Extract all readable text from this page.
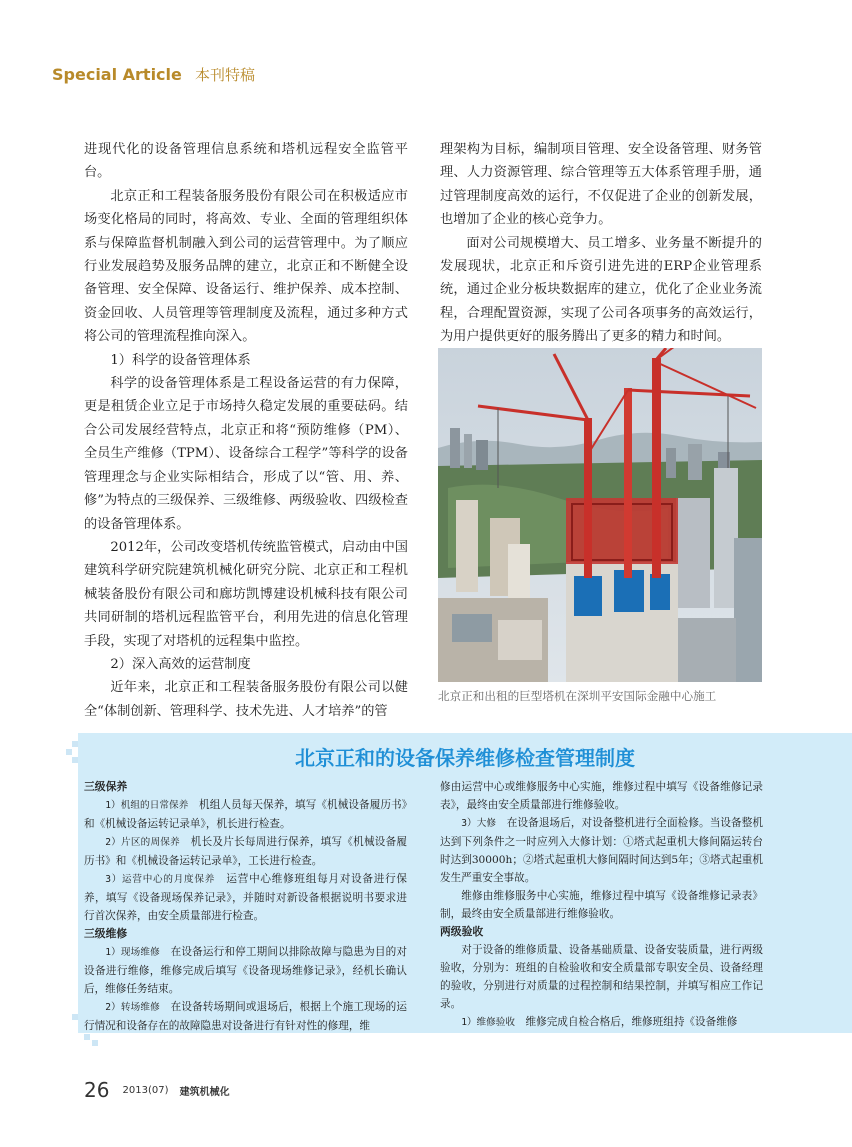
Special Article 本刊特稿

进现代化的设备管理信息系统和塔机远程安全监管平台。

北京正和工程装备服务股份有限公司在积极适应市场变化格局的同时，将高效、专业、全面的管理组织体系与保障监督机制融入到公司的运营管理中。为了顺应行业发展趋势及服务品牌的建立，北京正和不断健全设备管理、安全保障、设备运行、维护保养、成本控制、资金回收、人员管理等管理制度及流程，通过多种方式将公司的管理流程推向深入。

1）科学的设备管理体系

科学的设备管理体系是工程设备运营的有力保障，更是租赁企业立足于市场持久稳定发展的重要砝码。结合公司发展经营特点，北京正和将“预防维修（PM）、全员生产维修（TPM）、设备综合工程学”等科学的设备管理理念与企业实际相结合，形成了以“管、用、养、修”为特点的三级保养、三级维修、两级验收、四级检查的设备管理体系。

2012年，公司改变塔机传统监管模式，启动由中国建筑科学研究院建筑机械化研究分院、北京正和工程机械装备股份有限公司和廊坊凯博建设机械科技有限公司共同研制的塔机远程监管平台，利用先进的信息化管理手段，实现了对塔机的远程集中监控。

2）深入高效的运营制度

近年来，北京正和工程装备服务股份有限公司以健全“体制创新、管理科学、技术先进、人才培养”的管

理架构为目标，编制项目管理、安全设备管理、财务管理、人力资源管理、综合管理等五大体系管理手册，通过管理制度高效的运行，不仅促进了企业的创新发展，也增加了企业的核心竞争力。

面对公司规模增大、员工增多、业务量不断提升的发展现状，北京正和斥资引进先进的ERP企业管理系统，通过企业分板块数据库的建立，优化了企业业务流程，合理配置资源，实现了公司各项事务的高效运行，为用户提供更好的服务腾出了更多的精力和时间。

北京正和出租的巨型塔机在深圳平安国际金融中心施工
北京正和的设备保养维修检查管理制度

三级保养

1）机组的日常保养　 机组人员每天保养，填写《机械设备履历书》和《机械设备运转记录单》，机长进行检查。

2）片区的周保养　 机长及片长每周进行保养，填写《机械设备履历书》和《机械设备运转记录单》，工长进行检查。

3）运营中心的月度保养　 运营中心维修班组每月对设备进行保养，填写《设备现场保养记录》，并随时对新设备根据说明书要求进行首次保养，由安全质量部进行检查。

三级维修

1）现场维修　 在设备运行和停工期间以排除故障与隐患为目的对设备进行维修，维修完成后填写《设备现场维修记录》，经机长确认后，维修任务结束。

2）转场维修　 在设备转场期间或退场后，根据上个施工现场的运行情况和设备存在的故障隐患对设备进行有针对性的修理，维

修由运营中心或维修服务中心实施，维修过程中填写《设备维修记录表》，最终由安全质量部进行维修验收。

3）大修　 在设备退场后，对设备整机进行全面检修。当设备整机达到下列条件之一时应列入大修计划：①塔式起重机大修间隔运转台时达到30000h；②塔式起重机大修间隔时间达到5年；③塔式起重机发生严重安全事故。

维修由维修服务中心实施，维修过程中填写《设备维修记录表》制，最终由安全质量部进行维修验收。

两级验收

对于设备的维修质量、设备基础质量、设备安装质量，进行两级验收，分别为：班组的自检验收和安全质量部专职安全员、设备经理的验收，分别进行对质量的过程控制和结果控制，并填写相应工作记录。

1）维修验收　 维修完成自检合格后，维修班组持《设备维修

26 2013(07) 建筑机械化
